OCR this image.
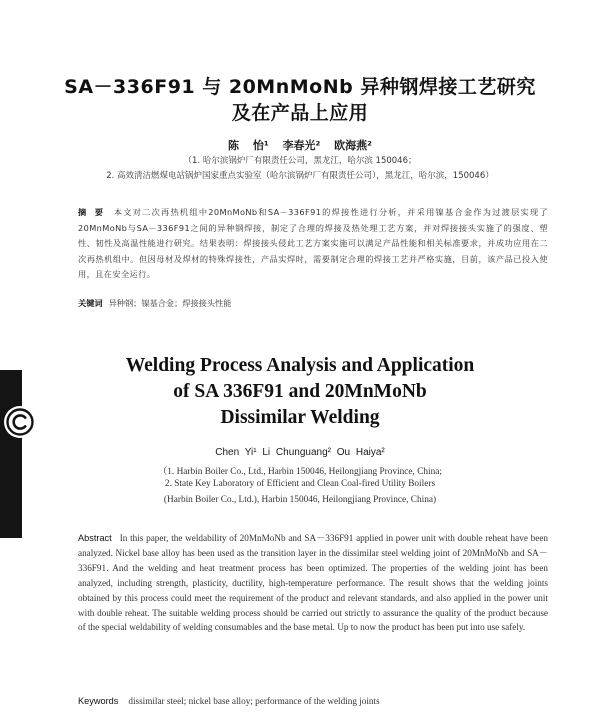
SA－336F91 与 20MnMoNb 异种钢焊接工艺研究
及在产品上应用
陈 怡¹ 李春光² 欧海燕²
（1. 哈尔滨锅炉厂有限责任公司，黑龙江，哈尔滨 150046；
2. 高效清洁燃煤电站锅炉国家重点实验室（哈尔滨锅炉厂有限责任公司），黑龙江，哈尔滨，150046）
摘 要 本文对二次再热机组中20MnMoNb和SA－336F91的焊接性进行分析，并采用镍基合金作为过渡层实现了20MnMoNb与SA－336F91之间的异种钢焊接，制定了合理的焊接及热处理工艺方案，并对焊接接头实施了的强度、塑性、韧性及高温性能进行研究。结果表明：焊接接头侵此工艺方案实施可以满足产品性能和相关标准要求，并成功应用在二次再热机组中。但因母材及焊材的特殊焊接性，产品实焊时，需要制定合理的焊接工艺并严格实施，目前，该产品已投入使用，且在安全运行。
关键词 异种钢；镍基合金；焊接接头性能
Welding Process Analysis and Application
of SA 336F91 and 20MnMoNb
Dissimilar Welding
Chen Yi¹ Li Chunguang² Ou Haiya²
（1. Harbin Boiler Co., Ltd., Harbin 150046, Heilongjiang Province, China;
2. State Key Laboratory of Efficient and Clean Coal-fired Utility Boilers
(Harbin Boiler Co., Ltd.), Harbin 150046, Heilongjiang Province, China)
Abstract In this paper, the weldability of 20MnMoNb and SA－336F91 applied in power unit with double reheat have been analyzed. Nickel base alloy has been used as the transition layer in the dissimilar steel welding joint of 20MnMoNb and SA－336F91. And the welding and heat treatment process has been optimized. The properties of the welding joint has been analyzed, including strength, plasticity, ductility, high-temperature performance. The result shows that the welding joints obtained by this process could meet the requirement of the product and relevant standards, and also applied in the power unit with double reheat. The suitable welding process should be carried out strictly to assurance the quality of the product because of the special weldability of welding consumables and the base metal. Up to now the product has been put into use safely.
Keywords dissimilar steel; nickel base alloy; performance of the welding joints
